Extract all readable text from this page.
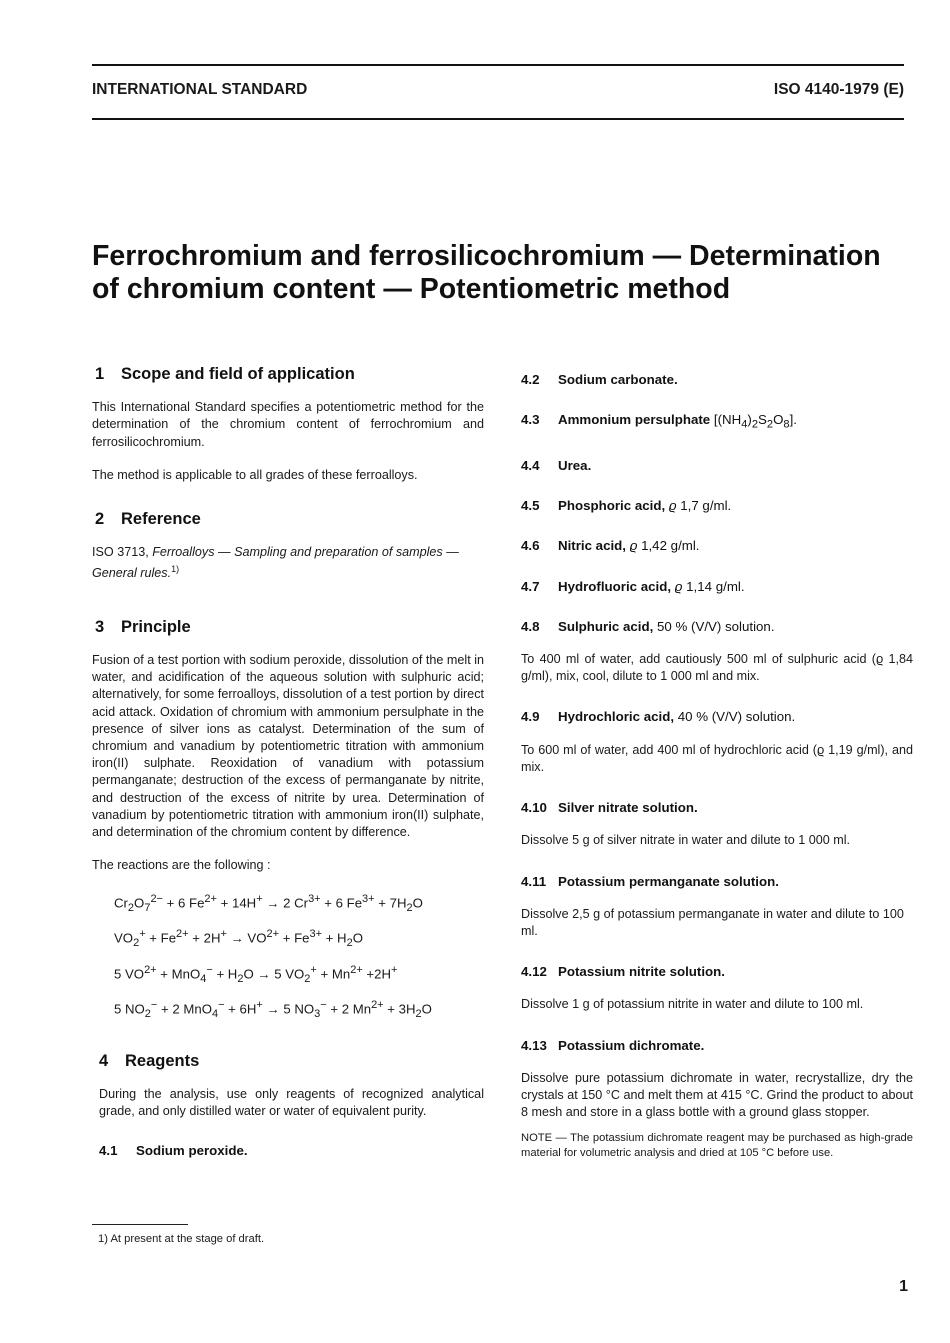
INTERNATIONAL STANDARD	ISO 4140-1979 (E)
Ferrochromium and ferrosilicochromium — Determination
of chromium content — Potentiometric method
1 Scope and field of application

This International Standard specifies a potentiometric method for the determination of the chromium content of ferrochromium and ferrosilicochromium.

The method is applicable to all grades of these ferroalloys.

2 Reference

ISO 3713, Ferroalloys — Sampling and preparation of samples — General rules.$^{1)}$

3 Principle

Fusion of a test portion with sodium peroxide, dissolution of the melt in water, and acidification of the aqueous solution with sulphuric acid; alternatively, for some ferroalloys, dissolution of a test portion by direct acid attack. Oxidation of chromium with ammonium persulphate in the presence of silver ions as catalyst. Determination of the sum of chromium and vanadium by potentiometric titration with ammonium iron(II) sulphate. Reoxidation of vanadium with potassium permanganate; destruction of the excess of permanganate by nitrite, and destruction of the excess of nitrite by urea. Determination of vanadium by potentiometric titration with ammonium iron(II) sulphate, and determination of the chromium content by difference.

The reactions are the following :

$Cr_2O_7^{2-} + 6$ $Fe^{2+} + 14H^+ \to 2$ $Cr^{3+} + 6$ $Fe^{3+} + 7H_2O$
$VO_2^+ + Fe^{2+} + 2H^+ \to VO^{2+} + Fe^{3+} + H_2O$
5 $VO^{2+} + MnO_4^- + H_2O \to 5$ $VO_2^+ + Mn^{2+} +2H^+$
5 $NO_2^- + 2$ MnO$_4$− + 6H+ → 5 $NO_3^- + 2$ $Mn^{2+} + 3H_2O$
4 Reagents

During the analysis, use only reagents of recognized analytical grade, and only distilled water or water of equivalent purity.

4.1 Sodium peroxide.
4.2 Sodium carbonate.
4.3 Ammonium persulphate $[(NH_4)_2S_2O_8]$.
4.4 Urea.
4.5 Phosphoric acid, ϱ 1,7 g/ml.
4.6 Nitric acid, ϱ 1,42 g/ml.
4.7 Hydrofluoric acid, ϱ 1,14 g/ml.
4.8 Sulphuric acid, 50 % (V/V) solution.

To 400 ml of water, add cautiously 500 ml of sulphuric acid (ϱ 1,84 g/ml), mix, cool, dilute to 1 000 ml and mix.

4.9 Hydrochloric acid, 40 % (V/V) solution.

To 600 ml of water, add 400 ml of hydrochloric acid (ϱ 1,19 g/ml), and mix.

4.10 Silver nitrate solution.

Dissolve 5 g of silver nitrate in water and dilute to 1 000 ml.

4.11 Potassium permanganate solution.

Dissolve 2,5 g of potassium permanganate in water and dilute to 100 ml.

4.12 Potassium nitrite solution.

Dissolve 1 g of potassium nitrite in water and dilute to 100 ml.

4.13 Potassium dichromate.

Dissolve pure potassium dichromate in water, recrystallize, dry the crystals at 150 °C and melt them at 415 °C. Grind the product to about 8 mesh and store in a glass bottle with a ground glass stopper.

NOTE — The potassium dichromate reagent may be purchased as high-grade material for volumetric analysis and dried at 105 °C before use.

1) At present at the stage of draft.
1
